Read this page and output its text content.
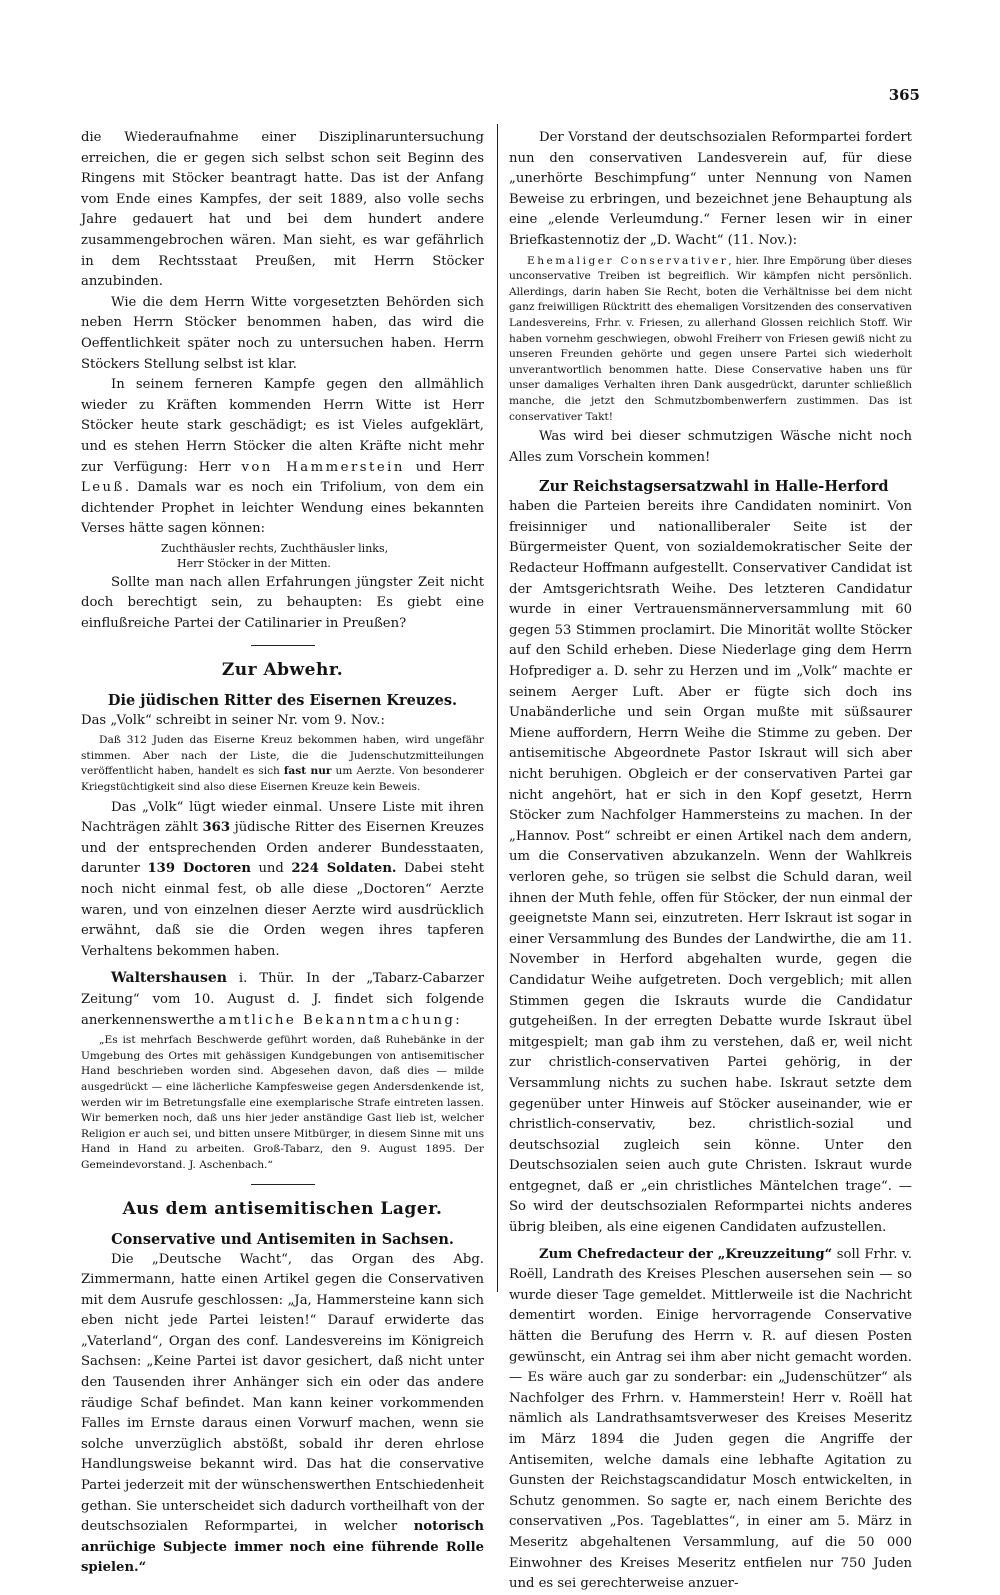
365

die Wiederaufnahme einer Disziplinaruntersuchung erreichen, die er gegen sich selbst schon seit Beginn des Ringens mit Stöcker beantragt hatte. Das ist der Anfang vom Ende eines Kampfes, der seit 1889, also volle sechs Jahre gedauert hat und bei dem hundert andere zusammengebrochen wären. Man sieht, es war gefährlich in dem Rechtsstaat Preußen, mit Herrn Stöcker anzubinden.

Wie die dem Herrn Witte vorgesetzten Behörden sich neben Herrn Stöcker benommen haben, das wird die Oeffentlichkeit später noch zu untersuchen haben. Herrn Stöckers Stellung selbst ist klar.

In seinem ferneren Kampfe gegen den allmählich wieder zu Kräften kommenden Herrn Witte ist Herr Stöcker heute stark geschädigt; es ist Vieles aufgeklärt, und es stehen Herrn Stöcker die alten Kräfte nicht mehr zur Verfügung: Herr von Hammerstein und Herr Leuß. Damals war es noch ein Trifolium, von dem ein dichtender Prophet in leichter Wendung eines bekannten Verses hätte sagen können:

Zuchthäusler rechts, Zuchthäusler links,
Herr Stöcker in der Mitten.

Sollte man nach allen Erfahrungen jüngster Zeit nicht doch berechtigt sein, zu behaupten: Es giebt eine einflußreiche Partei der Catilinarier in Preußen?

Zur Abwehr.
Die jüdischen Ritter des Eisernen Kreuzes.

Das „Volk“ schreibt in seiner Nr. vom 9. Nov.:

Daß 312 Juden das Eiserne Kreuz bekommen haben, wird ungefähr stimmen. Aber nach der Liste, die die Judenschutzmitteilungen veröffentlicht haben, handelt es sich fast nur um Aerzte. Von besonderer Kriegstüchtigkeit sind also diese Eisernen Kreuze kein Beweis.

Das „Volk“ lügt wieder einmal. Unsere Liste mit ihren Nachträgen zählt 363 jüdische Ritter des Eisernen Kreuzes und der entsprechenden Orden anderer Bundesstaaten, darunter 139 Doctoren und 224 Soldaten. Dabei steht noch nicht einmal fest, ob alle diese „Doctoren“ Aerzte waren, und von einzelnen dieser Aerzte wird ausdrücklich erwähnt, daß sie die Orden wegen ihres tapferen Verhaltens bekommen haben.

Waltershausen i. Thür. In der „Tabarz-Cabarzer Zeitung“ vom 10. August d. J. findet sich folgende anerkennenswerthe amtliche Bekanntmachung:

„Es ist mehrfach Beschwerde geführt worden, daß Ruhebänke in der Umgebung des Ortes mit gehässigen Kundgebungen von antisemitischer Hand beschrieben worden sind. Abgesehen davon, daß dies — milde ausgedrückt — eine lächerliche Kampfesweise gegen Andersdenkende ist, werden wir im Betretungsfalle eine exemplarische Strafe eintreten lassen. Wir bemerken noch, daß uns hier jeder anständige Gast lieb ist, welcher Religion er auch sei, und bitten unsere Mitbürger, in diesem Sinne mit uns Hand in Hand zu arbeiten. Groß-Tabarz, den 9. August 1895. Der Gemeindevorstand. J. Aschenbach.“

Aus dem antisemitischen Lager.
Conservative und Antisemiten in Sachsen.

Die „Deutsche Wacht“, das Organ des Abg. Zimmermann, hatte einen Artikel gegen die Conservativen mit dem Ausrufe geschlossen: „Ja, Hammersteine kann sich eben nicht jede Partei leisten!“ Darauf erwiderte das „Vaterland“, Organ des conf. Landesvereins im Königreich Sachsen: „Keine Partei ist davor gesichert, daß nicht unter den Tausenden ihrer Anhänger sich ein oder das andere räudige Schaf befindet. Man kann keiner vorkommenden Falles im Ernste daraus einen Vorwurf machen, wenn sie solche unverzüglich abstößt, sobald ihr deren ehrlose Handlungsweise bekannt wird. Das hat die conservative Partei jederzeit mit der wünschenswerthen Entschiedenheit gethan. Sie unterscheidet sich dadurch vortheilhaft von der deutschsozialen Reformpartei, in welcher notorisch anrüchige Subjecte immer noch eine führende Rolle spielen.“

Der Vorstand der deutschsozialen Reformpartei fordert nun den conservativen Landesverein auf, für diese „unerhörte Beschimpfung“ unter Nennung von Namen Beweise zu erbringen, und bezeichnet jene Behauptung als eine „elende Verleumdung.“ Ferner lesen wir in einer Briefkastennotiz der „D. Wacht“ (11. Nov.):

Ehemaliger Conservativer, hier. Ihre Empörung über dieses unconservative Treiben ist begreiflich. Wir kämpfen nicht persönlich. Allerdings, darin haben Sie Recht, boten die Verhältnisse bei dem nicht ganz freiwilligen Rücktritt des ehemaligen Vorsitzenden des conservativen Landesvereins, Frhr. v. Friesen, zu allerhand Glossen reichlich Stoff. Wir haben vornehm geschwiegen, obwohl Freiherr von Friesen gewiß nicht zu unseren Freunden gehörte und gegen unsere Partei sich wiederholt unverantwortlich benommen hatte. Diese Conservative haben uns für unser damaliges Verhalten ihren Dank ausgedrückt, darunter schließlich manche, die jetzt den Schmutzbombenwerfern zustimmen. Das ist conservativer Takt!

Was wird bei dieser schmutzigen Wäsche nicht noch Alles zum Vorschein kommen!

Zur Reichstagsersatzwahl in Halle-Herford

haben die Parteien bereits ihre Candidaten nominirt. Von freisinniger und nationalliberaler Seite ist der Bürgermeister Quent, von sozialdemokratischer Seite der Redacteur Hoffmann aufgestellt. Conservativer Candidat ist der Amtsgerichtsrath Weihe. Des letzteren Candidatur wurde in einer Vertrauensmännerversammlung mit 60 gegen 53 Stimmen proclamirt. Die Minorität wollte Stöcker auf den Schild erheben. Diese Niederlage ging dem Herrn Hofprediger a. D. sehr zu Herzen und im „Volk“ machte er seinem Aerger Luft. Aber er fügte sich doch ins Unabänderliche und sein Organ mußte mit süßsaurer Miene auffordern, Herrn Weihe die Stimme zu geben. Der antisemitische Abgeordnete Pastor Iskraut will sich aber nicht beruhigen. Obgleich er der conservativen Partei gar nicht angehört, hat er sich in den Kopf gesetzt, Herrn Stöcker zum Nachfolger Hammersteins zu machen. In der „Hannov. Post“ schreibt er einen Artikel nach dem andern, um die Conservativen abzukanzeln. Wenn der Wahlkreis verloren gehe, so trügen sie selbst die Schuld daran, weil ihnen der Muth fehle, offen für Stöcker, der nun einmal der geeignetste Mann sei, einzutreten. Herr Iskraut ist sogar in einer Versammlung des Bundes der Landwirthe, die am 11. November in Herford abgehalten wurde, gegen die Candidatur Weihe aufgetreten. Doch vergeblich; mit allen Stimmen gegen die Iskrauts wurde die Candidatur gutgeheißen. In der erregten Debatte wurde Iskraut übel mitgespielt; man gab ihm zu verstehen, daß er, weil nicht zur christlich-conservativen Partei gehörig, in der Versammlung nichts zu suchen habe. Iskraut setzte dem gegenüber unter Hinweis auf Stöcker auseinander, wie er christlich-conservativ, bez. christlich-sozial und deutschsozial zugleich sein könne. Unter den Deutschsozialen seien auch gute Christen. Iskraut wurde entgegnet, daß er „ein christliches Mäntelchen trage“. — So wird der deutschsozialen Reformpartei nichts anderes übrig bleiben, als eine eigenen Candidaten aufzustellen.

Zum Chefredacteur der „Kreuzzeitung“ soll Frhr. v. Roëll, Landrath des Kreises Pleschen ausersehen sein — so wurde dieser Tage gemeldet. Mittlerweile ist die Nachricht dementirt worden. Einige hervorragende Conservative hätten die Berufung des Herrn v. R. auf diesen Posten gewünscht, ein Antrag sei ihm aber nicht gemacht worden. — Es wäre auch gar zu sonderbar: ein „Judenschützer“ als Nachfolger des Frhrn. v. Hammerstein! Herr v. Roëll hat nämlich als Landrathsamtsverweser des Kreises Meseritz im März 1894 die Juden gegen die Angriffe der Antisemiten, welche damals eine lebhafte Agitation zu Gunsten der Reichstagscandidatur Mosch entwickelten, in Schutz genommen. So sagte er, nach einem Berichte des conservativen „Pos. Tageblattes“, in einer am 5. März in Meseritz abgehaltenen Versammlung, auf die 50 000 Einwohner des Kreises Meseritz entfielen nur 750 Juden und es sei gerechterweise anzuer-
